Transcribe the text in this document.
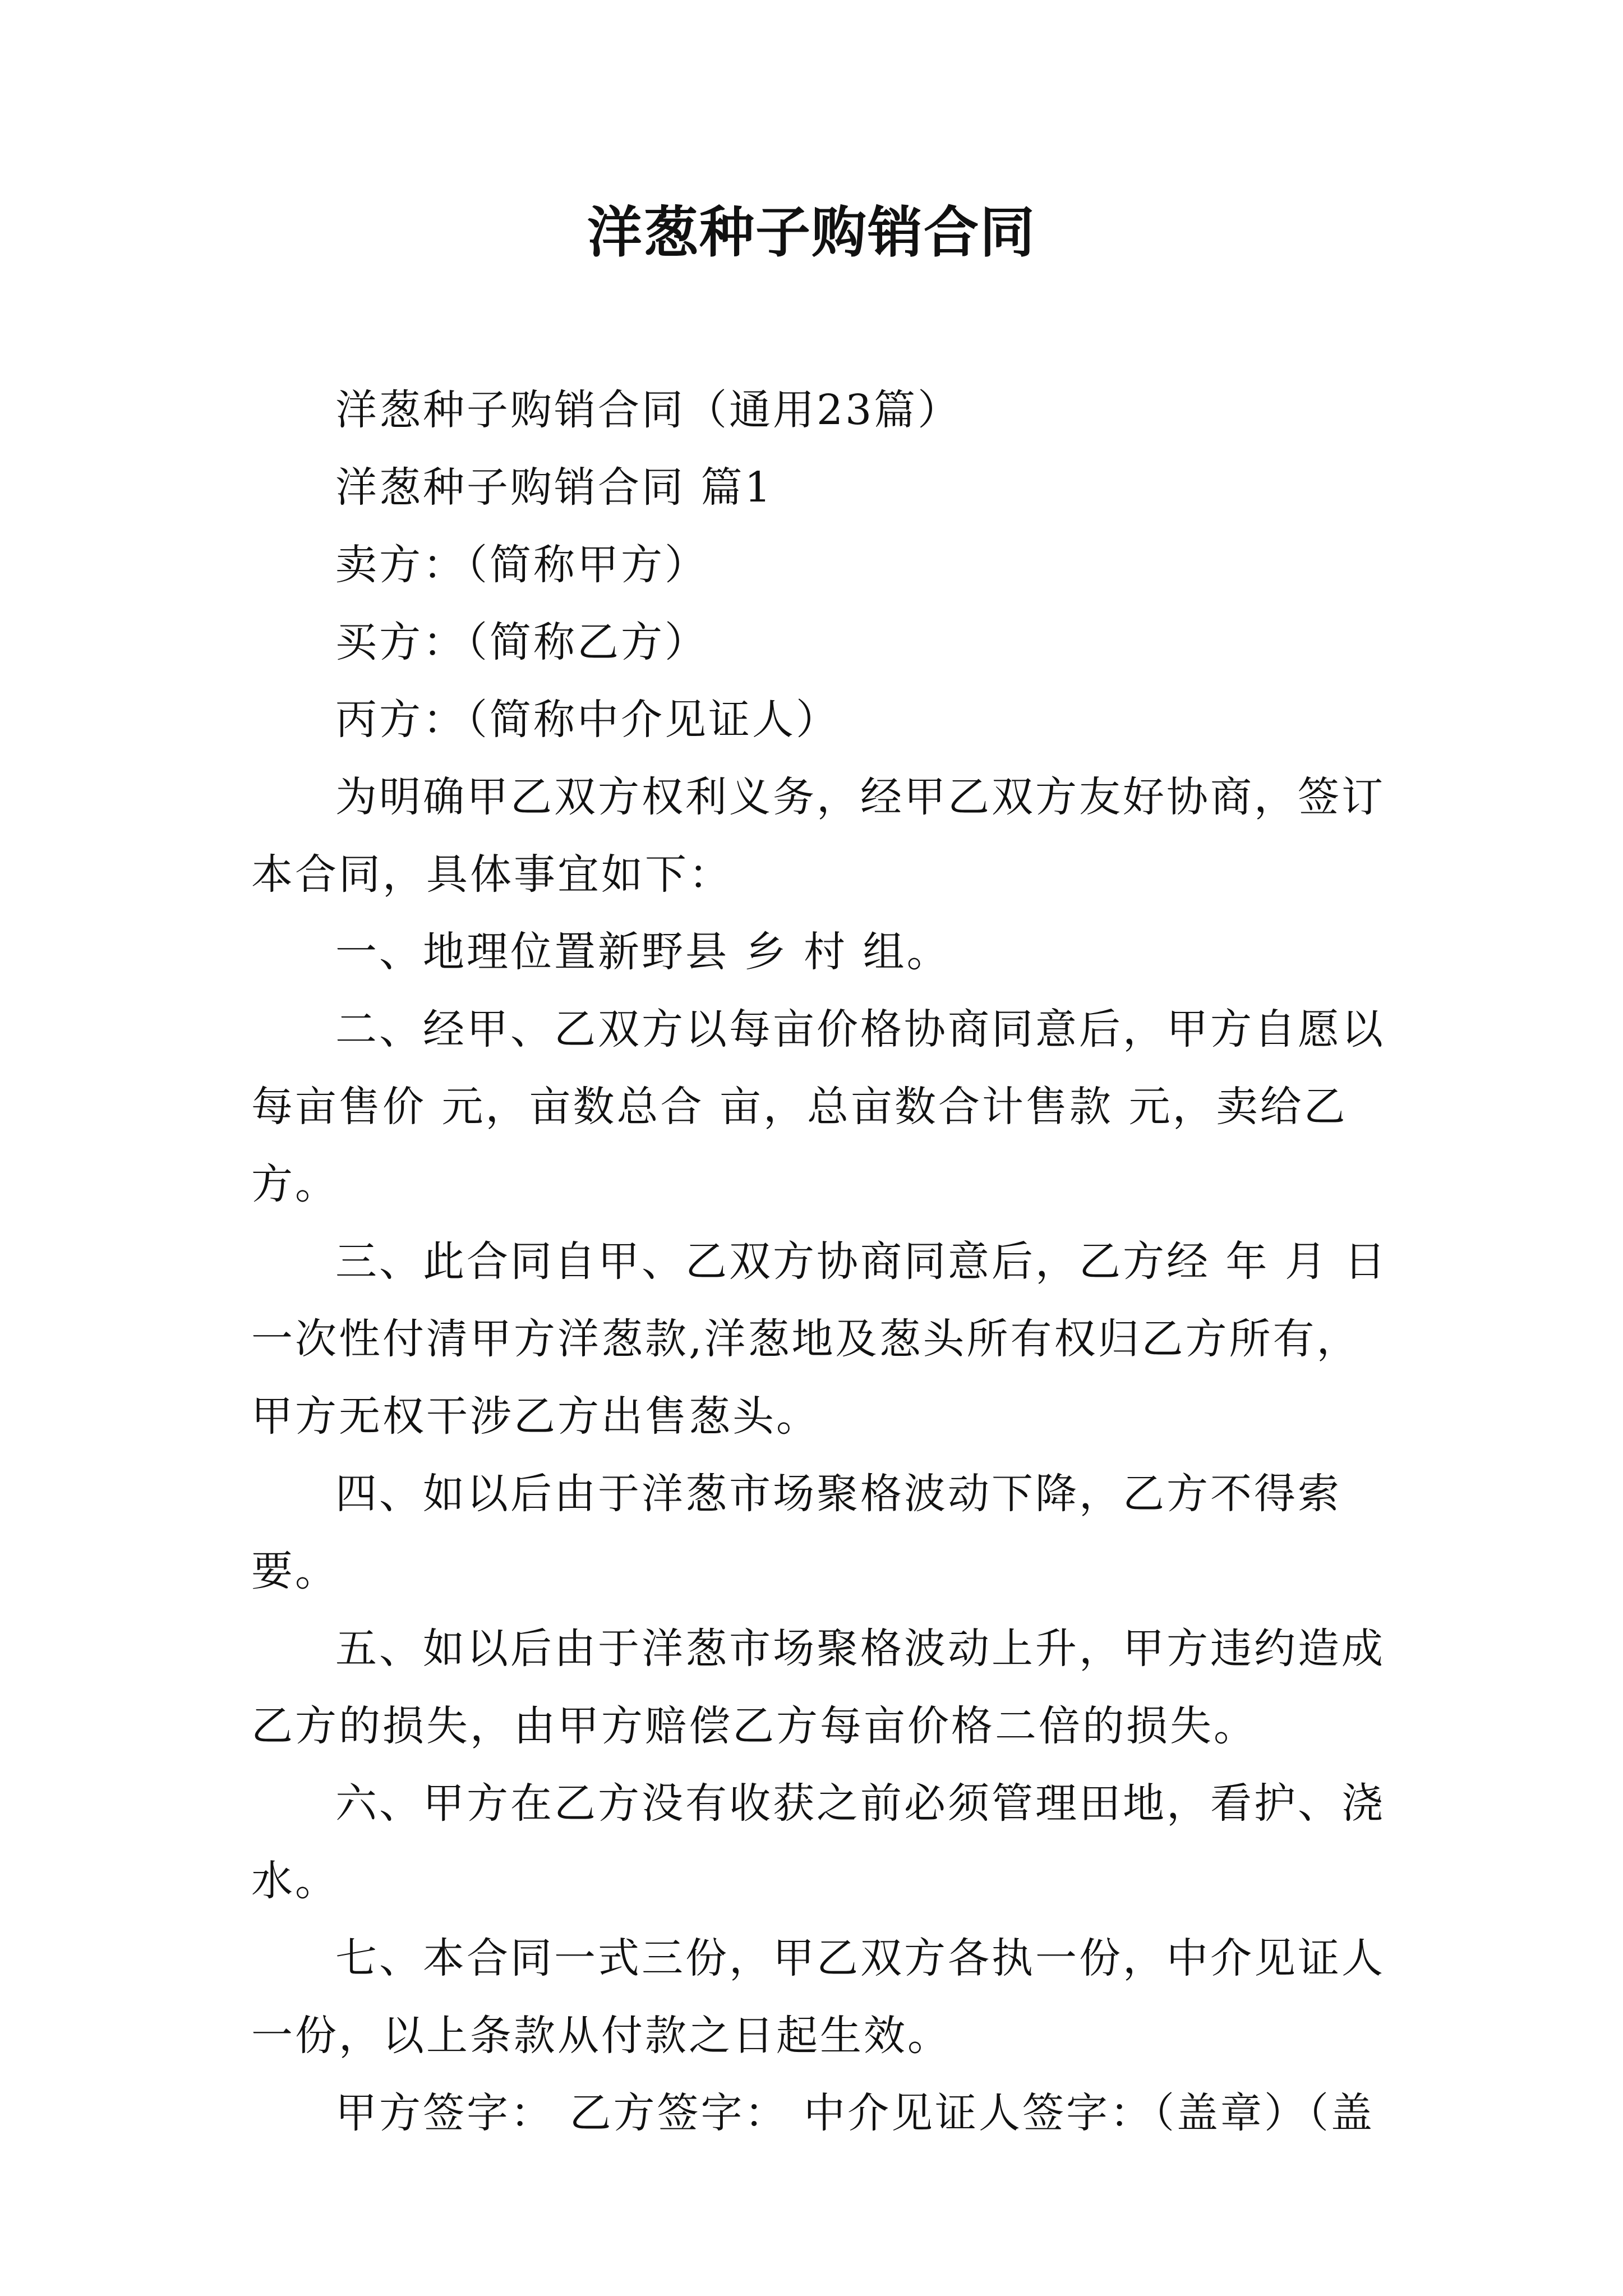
洋葱种子购销合同

洋葱种子购销合同（通用23篇）

洋葱种子购销合同 篇1

卖方：（简称甲方）

买方：（简称乙方）

丙方：（简称中介见证人）

为明确甲乙双方权利义务，经甲乙双方友好协商，签订本合同，具体事宜如下：

一、地理位置新野县 乡 村 组。

二、经甲、乙双方以每亩价格协商同意后，甲方自愿以每亩售价 元，亩数总合 亩，总亩数合计售款 元，卖给乙方。

三、此合同自甲、乙双方协商同意后，乙方经 年 月 日一次性付清甲方洋葱款,洋葱地及葱头所有权归乙方所有，甲方无权干涉乙方出售葱头。

四、如以后由于洋葱市场聚格波动下降，乙方不得索要。

五、如以后由于洋葱市场聚格波动上升，甲方违约造成乙方的损失，由甲方赔偿乙方每亩价格二倍的损失。

六、甲方在乙方没有收获之前必须管理田地，看护、浇水。

七、本合同一式三份，甲乙双方各执一份，中介见证人一份，以上条款从付款之日起生效。

甲方签字： 乙方签字： 中介见证人签字：（盖章）（盖
